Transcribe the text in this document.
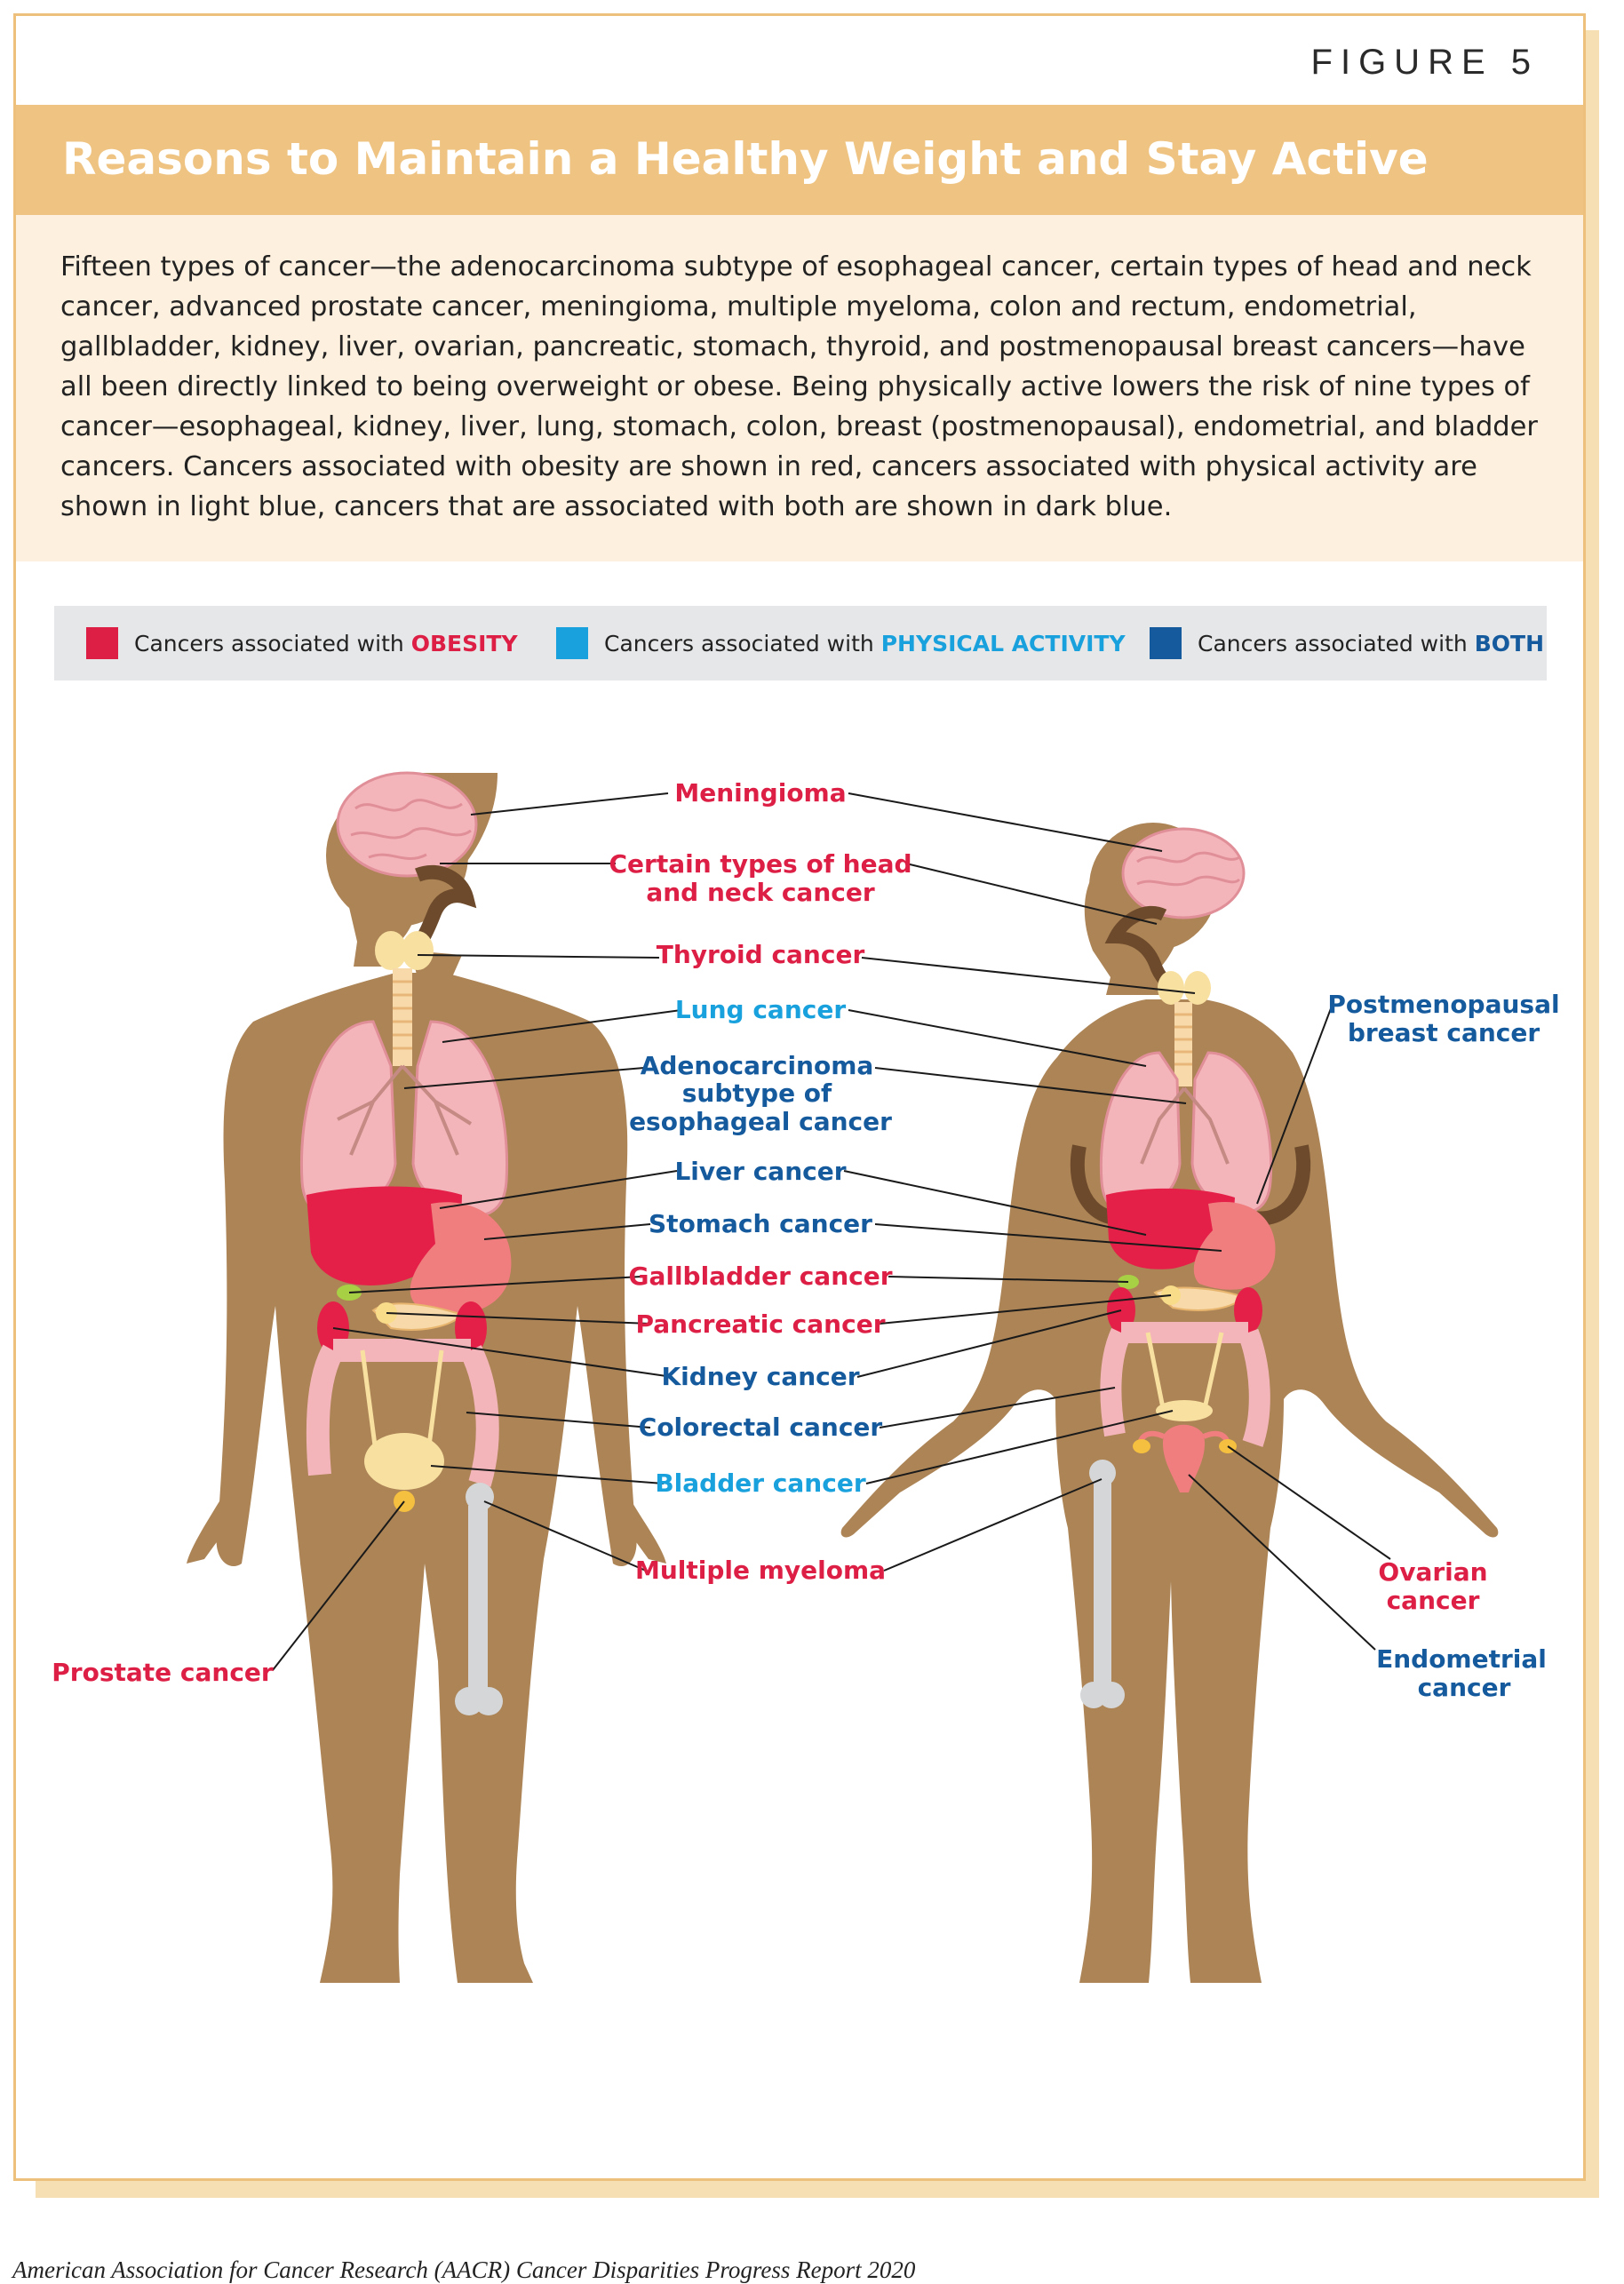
FIGURE 5
Reasons to Maintain a Healthy Weight and Stay Active
Fifteen types of cancer—the adenocarcinoma subtype of esophageal cancer, certain types of head and neck cancer, advanced prostate cancer, meningioma, multiple myeloma, colon and rectum, endometrial, gallbladder, kidney, liver, ovarian, pancreatic, stomach, thyroid, and postmenopausal breast cancers—have all been directly linked to being overweight or obese. Being physically active lowers the risk of nine types of cancer—esophageal, kidney, liver, lung, stomach, colon, breast (postmenopausal), endometrial, and bladder cancers. Cancers associated with obesity are shown in red, cancers associated with physical activity are shown in light blue, cancers that are associated with both are shown in dark blue.
Cancers associated with OBESITY	Cancers associated with PHYSICAL ACTIVITY	Cancers associated with BOTH
Meningioma
Certain types of head
and neck cancer
Thyroid cancer
Lung cancer
Adenocarcinoma
subtype of
esophageal cancer
Liver cancer
Stomach cancer
Gallbladder cancer
Pancreatic cancer
Kidney cancer
Colorectal cancer
Bladder cancer
Multiple myeloma
Prostate cancer
Postmenopausal
breast cancer
Ovarian
cancer
Endometrial
cancer
American Association for Cancer Research (AACR) Cancer Disparities Progress Report 2020
